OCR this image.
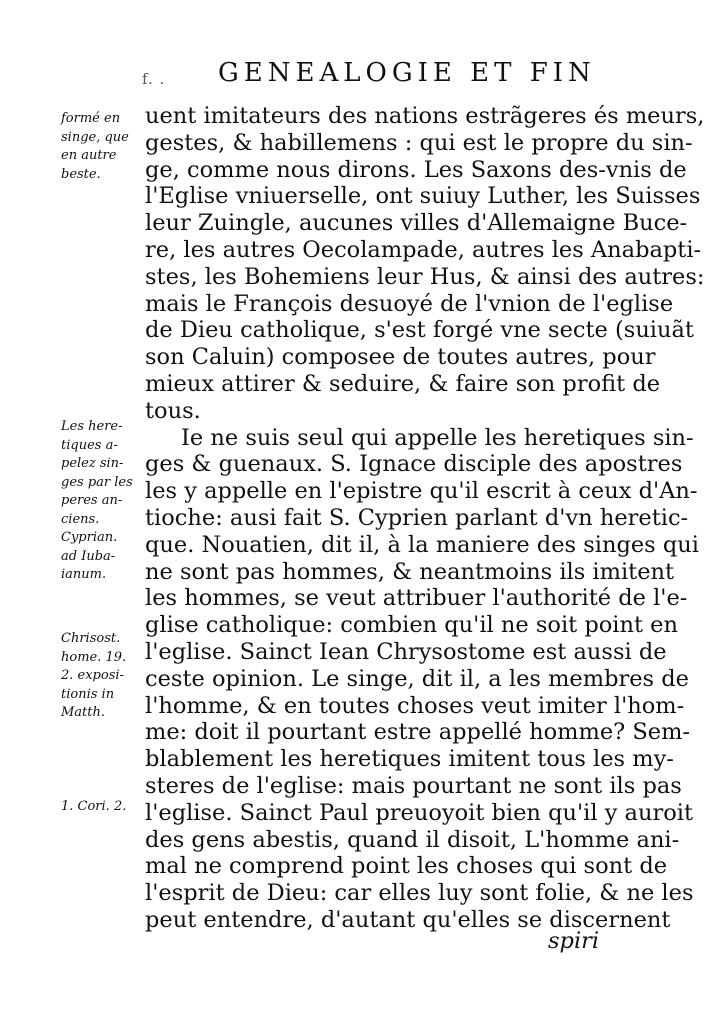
f. . GENEALOGIE ET FIN
formé en
singe, que
en autre
beste.
Les here-
tiques a-
pelez sin-
ges par les
peres an-
ciens.
Cyprian.
ad Iuba-
ianum.
Chrisost.
home. 19.
2. exposi-
tionis in
Matth.
1. Cori. 2.
uent imitateurs des nations estrãgeres és meurs,
gestes, & habillemens : qui est le propre du sin-
ge, comme nous dirons. Les Saxons des-vnis de
l'Eglise vniuerselle, ont suiuy Luther, les Suisses
leur Zuingle, aucunes villes d'Allemaigne Buce-
re, les autres Oecolampade, autres les Anabapti-
stes, les Bohemiens leur Hus, & ainsi des autres:
mais le François desuoyé de l'vnion de l'eglise
de Dieu catholique, s'est forgé vne secte (suiuãt
son Caluin) composee de toutes autres, pour
mieux attirer & seduire, & faire son profit de
tous.
Ie ne suis seul qui appelle les heretiques sin-
ges & guenaux. S. Ignace disciple des apostres
les y appelle en l'epistre qu'il escrit à ceux d'An-
tioche: ausi fait S. Cyprien parlant d'vn heretic-
que. Nouatien, dit il, à la maniere des singes qui
ne sont pas hommes, & neantmoins ils imitent
les hommes, se veut attribuer l'authorité de l'e-
glise catholique: combien qu'il ne soit point en
l'eglise. Sainct Iean Chrysostome est aussi de
ceste opinion. Le singe, dit il, a les membres de
l'homme, & en toutes choses veut imiter l'hom-
me: doit il pourtant estre appellé homme? Sem-
blablement les heretiques imitent tous les my-
steres de l'eglise: mais pourtant ne sont ils pas
l'eglise. Sainct Paul preuoyoit bien qu'il y auroit
des gens abestis, quand il disoit, L'homme ani-
mal ne comprend point les choses qui sont de
l'esprit de Dieu: car elles luy sont folie, & ne les
peut entendre, d'autant qu'elles se discernent
spiri
